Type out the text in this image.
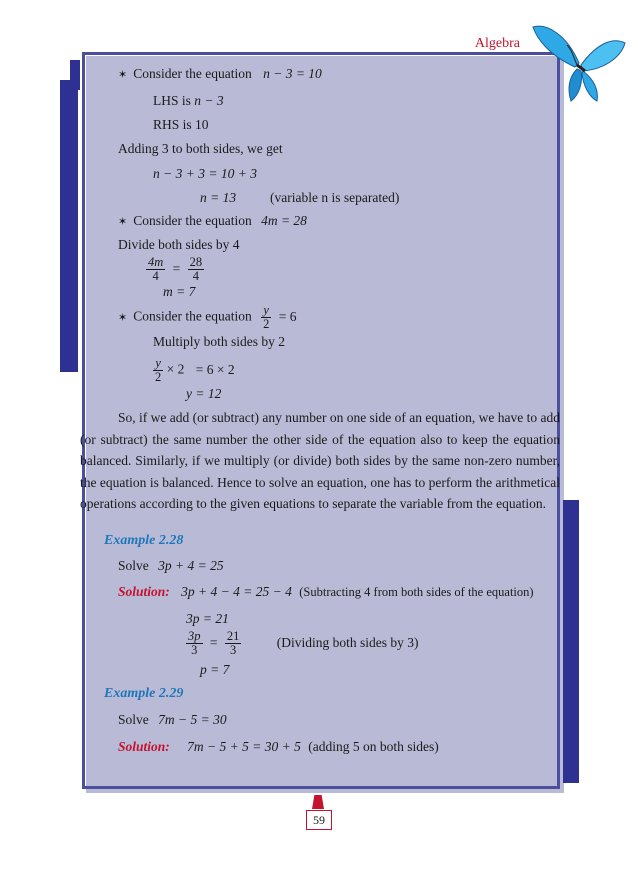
Algebra
✶ Consider the equation n − 3 = 10
LHS is n − 3
RHS is 10
Adding 3 to both sides, we get
n − 3 + 3 = 10 + 3
n = 13	(variable n is separated)
✶ Consider the equation 4m = 28
Divide both sides by 4
$\frac{4m}{4} = \frac{28}{4}$
m = 7
✶ Consider the equation $\frac{y}{2} = 6$
Multiply both sides by 2
$\frac{y}{2} \times 2 = 6 \times 2$
y = 12

So, if we add (or subtract) any number on one side of an equation, we have to add (or subtract) the same number the other side of the equation also to keep the equation balanced. Similarly, if we multiply (or divide) both sides by the same non-zero number, the equation is balanced. Hence to solve an equation, one has to perform the arithmetical operations according to the given equations to separate the variable from the equation.

Example 2.28
Solve 3p + 4 = 25
Solution: 3p + 4 − 4 = 25 − 4 (Subtracting 4 from both sides of the equation)
3p = 21
$\frac{3p}{3} = \frac{21}{3}$	(Dividing both sides by 3)
p = 7
Example 2.29
Solve 7m − 5 = 30
Solution: 7m − 5 + 5 = 30 + 5 (adding 5 on both sides)
59
